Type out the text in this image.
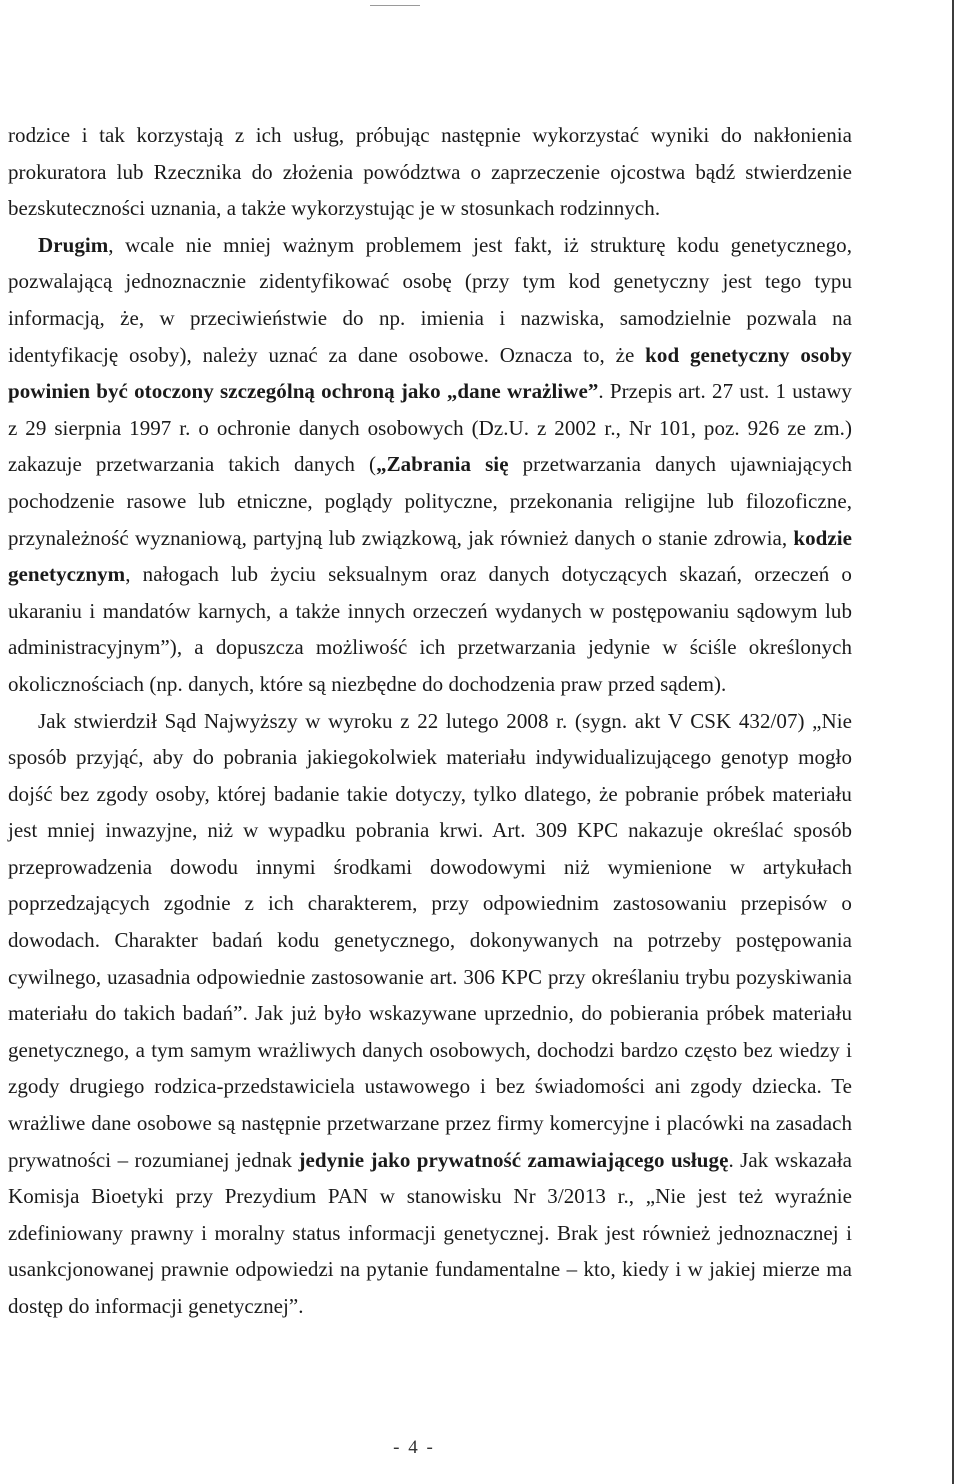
rodzice i tak korzystają z ich usług, próbując następnie wykorzystać wyniki do nakłonienia prokuratora lub Rzecznika do złożenia powództwa o zaprzeczenie ojcostwa bądź stwierdzenie bezskuteczności uznania, a także wykorzystując je w stosunkach rodzinnych.

Drugim, wcale nie mniej ważnym problemem jest fakt, iż strukturę kodu genetycznego, pozwalającą jednoznacznie zidentyfikować osobę (przy tym kod genetyczny jest tego typu informacją, że, w przeciwieństwie do np. imienia i nazwiska, samodzielnie pozwala na identyfikację osoby), należy uznać za dane osobowe. Oznacza to, że kod genetyczny osoby powinien być otoczony szczególną ochroną jako „dane wrażliwe”. Przepis art. 27 ust. 1 ustawy z 29 sierpnia 1997 r. o ochronie danych osobowych (Dz.U. z 2002 r., Nr 101, poz. 926 ze zm.) zakazuje przetwarzania takich danych („Zabrania się przetwarzania danych ujawniających pochodzenie rasowe lub etniczne, poglądy polityczne, przekonania religijne lub filozoficzne, przynależność wyznaniową, partyjną lub związkową, jak również danych o stanie zdrowia, kodzie genetycznym, nałogach lub życiu seksualnym oraz danych dotyczących skazań, orzeczeń o ukaraniu i mandatów karnych, a także innych orzeczeń wydanych w postępowaniu sądowym lub administracyjnym”), a dopuszcza możliwość ich przetwarzania jedynie w ściśle określonych okolicznościach (np. danych, które są niezbędne do dochodzenia praw przed sądem).

Jak stwierdził Sąd Najwyższy w wyroku z 22 lutego 2008 r. (sygn. akt V CSK 432/07) „Nie sposób przyjąć, aby do pobrania jakiegokolwiek materiału indywidualizującego genotyp mogło dojść bez zgody osoby, której badanie takie dotyczy, tylko dlatego, że pobranie próbek materiału jest mniej inwazyjne, niż w wypadku pobrania krwi. Art. 309 KPC nakazuje określać sposób przeprowadzenia dowodu innymi środkami dowodowymi niż wymienione w artykułach poprzedzających zgodnie z ich charakterem, przy odpowiednim zastosowaniu przepisów o dowodach. Charakter badań kodu genetycznego, dokonywanych na potrzeby postępowania cywilnego, uzasadnia odpowiednie zastosowanie art. 306 KPC przy określaniu trybu pozyskiwania materiału do takich badań”. Jak już było wskazywane uprzednio, do pobierania próbek materiału genetycznego, a tym samym wrażliwych danych osobowych, dochodzi bardzo często bez wiedzy i zgody drugiego rodzica-przedstawiciela ustawowego i bez świadomości ani zgody dziecka. Te wrażliwe dane osobowe są następnie przetwarzane przez firmy komercyjne i placówki na zasadach prywatności – rozumianej jednak jedynie jako prywatność zamawiającego usługę. Jak wskazała Komisja Bioetyki przy Prezydium PAN w stanowisku Nr 3/2013 r., „Nie jest też wyraźnie zdefiniowany prawny i moralny status informacji genetycznej. Brak jest również jednoznacznej i usankcjonowanej prawnie odpowiedzi na pytanie fundamentalne – kto, kiedy i w jakiej mierze ma dostęp do informacji genetycznej”.

- 4 -
